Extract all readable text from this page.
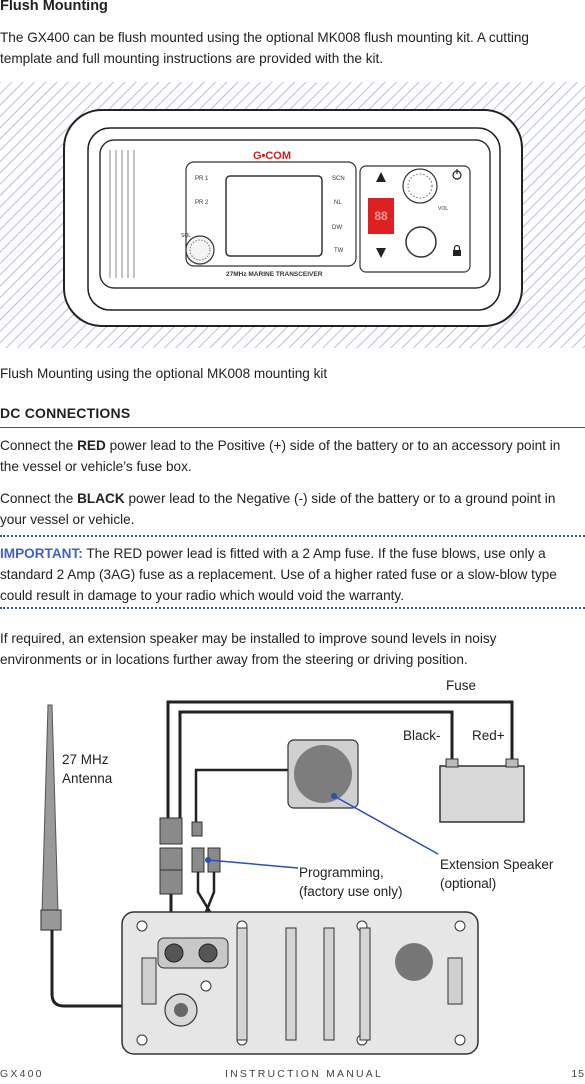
Flush Mounting
The GX400 can be flush mounted using the optional MK008 flush mounting kit. A cutting template and full mounting instructions are provided with the kit.
G•COM
PR 1
PR 2
SCN
NL
DW
TW
SQL
27MHz MARINE TRANSCEIVER
88	VOL
Flush Mounting using the optional MK008 mounting kit
DC CONNECTIONS
Connect the RED power lead to the Positive (+) side of the battery or to an accessory point in the vessel or vehicle’s fuse box.
Connect the BLACK power lead to the Negative (-) side of the battery or to a ground point in your vessel or vehicle.
IMPORTANT: The RED power lead is fitted with a 2 Amp fuse. If the fuse blows, use only a standard 2 Amp (3AG) fuse as a replacement. Use of a higher rated fuse or a slow-blow type could result in damage to your radio which would void the warranty.
If required, an extension speaker may be installed to improve sound levels in noisy environments or in locations further away from the steering or driving position.
Fuse
Black- Red+
27 MHz
Antenna
Programming,
(factory use only)
Extension Speaker
(optional)
GX400	INSTRUCTION MANUAL	15
